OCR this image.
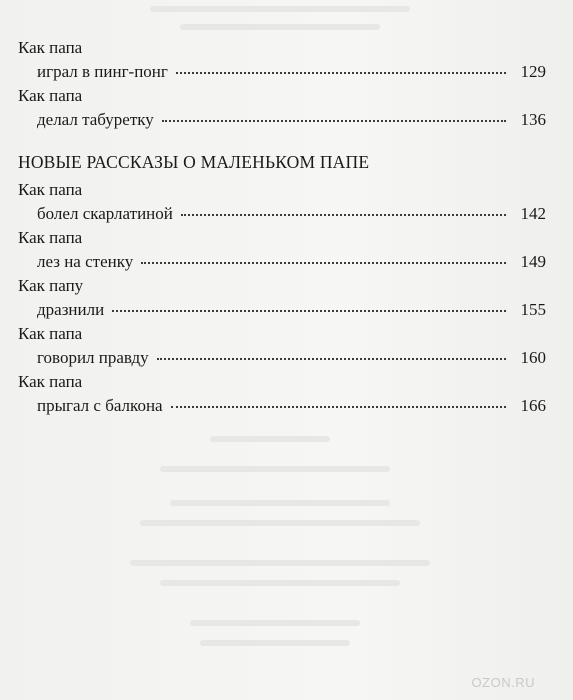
Как папа
играл в пинг-понг	129
Как папа
делал табуретку	136
НОВЫЕ РАССКАЗЫ О МАЛЕНЬКОМ ПАПЕ
Как папа
болел скарлатиной	142
Как папа
лез на стенку	149
Как папу
дразнили	155
Как папа
говорил правду	160
Как папа
прыгал с балкона	166
OZON.RU
